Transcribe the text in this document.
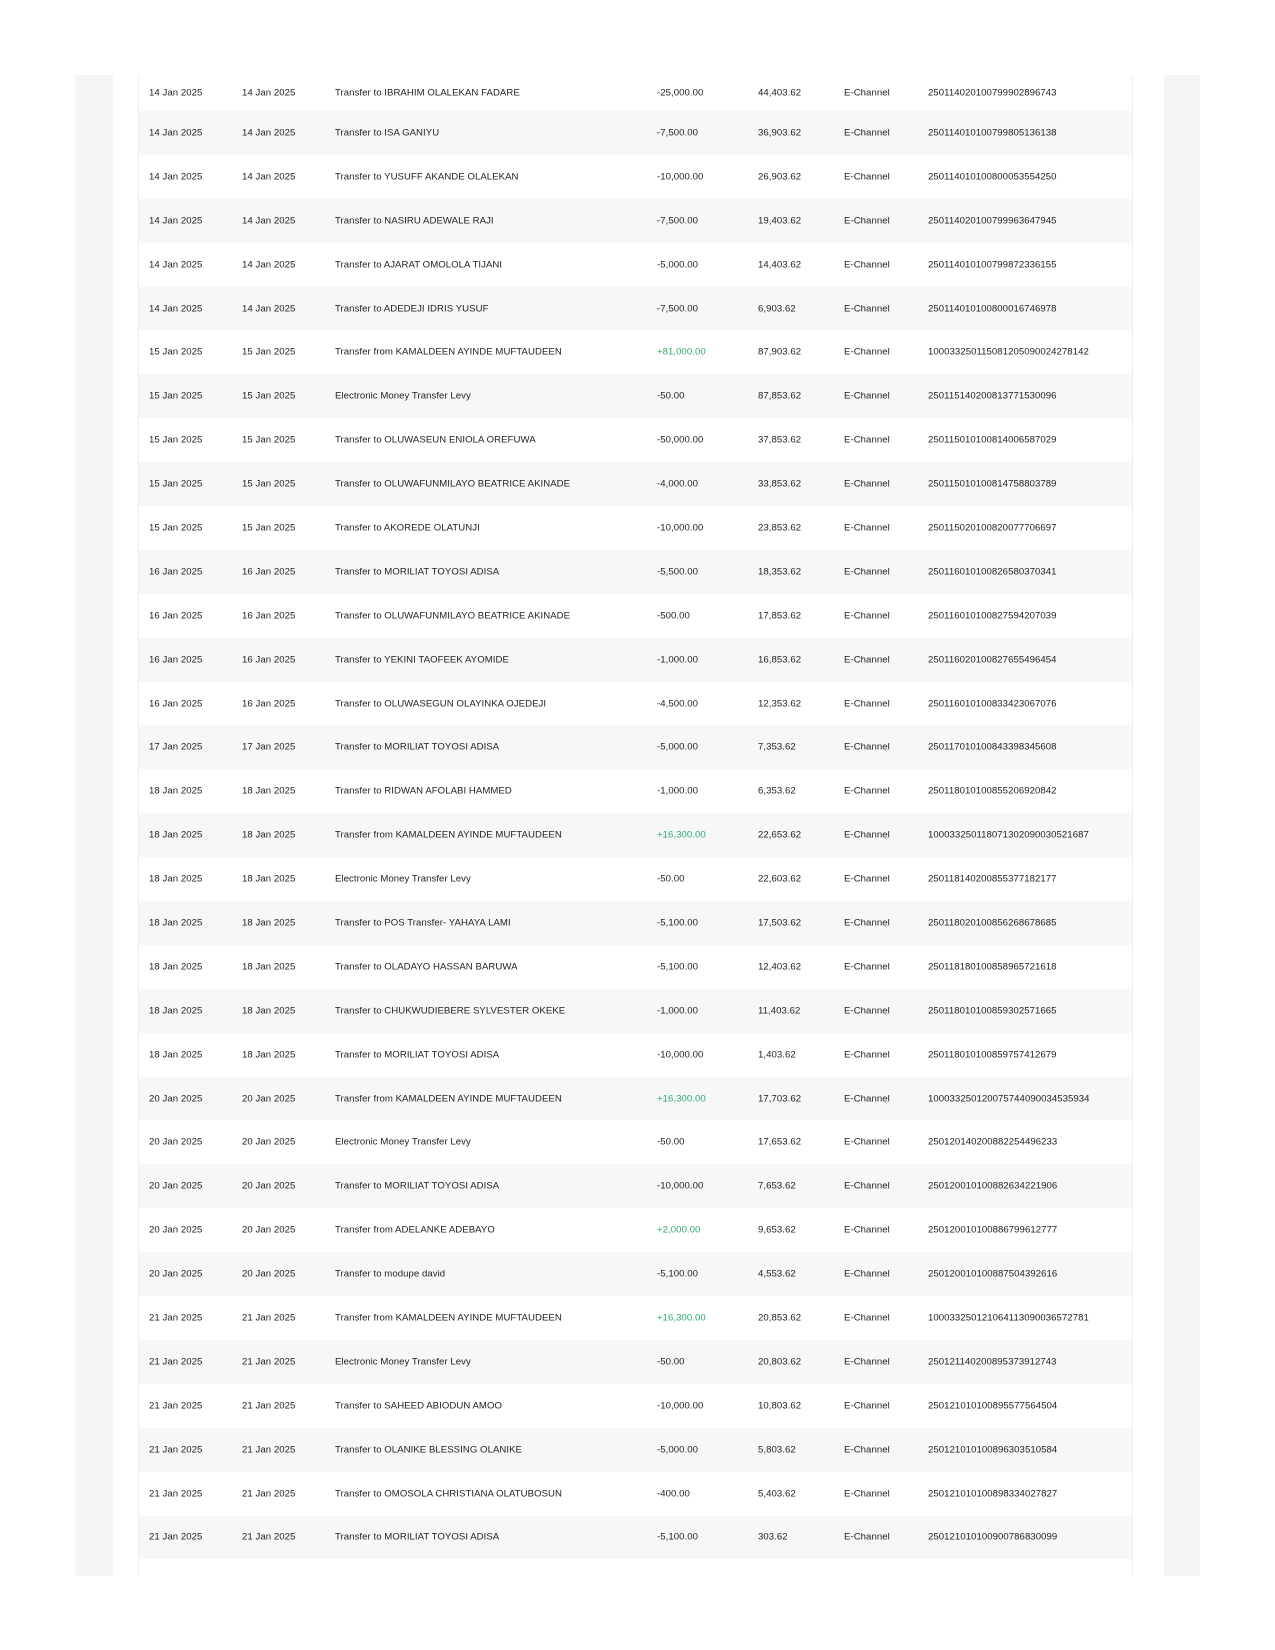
14 Jan 2025	14 Jan 2025	Transfer to IBRAHIM OLALEKAN FADARE	-25,000.00	44,403.62	E-Channel	250114020100799902896743
14 Jan 2025	14 Jan 2025	Transfer to ISA GANIYU	-7,500.00	36,903.62	E-Channel	250114010100799805136138
14 Jan 2025	14 Jan 2025	Transfer to YUSUFF AKANDE OLALEKAN	-10,000.00	26,903.62	E-Channel	250114010100800053554250
14 Jan 2025	14 Jan 2025	Transfer to NASIRU ADEWALE RAJI	-7,500.00	19,403.62	E-Channel	250114020100799963647945
14 Jan 2025	14 Jan 2025	Transfer to AJARAT OMOLOLA TIJANI	-5,000.00	14,403.62	E-Channel	250114010100799872336155
14 Jan 2025	14 Jan 2025	Transfer to ADEDEJI IDRIS YUSUF	-7,500.00	6,903.62	E-Channel	250114010100800016746978
15 Jan 2025	15 Jan 2025	Transfer from KAMALDEEN AYINDE MUFTAUDEEN	+81,000.00	87,903.62	E-Channel	100033250115081205090024278142
15 Jan 2025	15 Jan 2025	Electronic Money Transfer Levy	-50.00	87,853.62	E-Channel	250115140200813771530096
15 Jan 2025	15 Jan 2025	Transfer to OLUWASEUN ENIOLA OREFUWA	-50,000.00	37,853.62	E-Channel	250115010100814006587029
15 Jan 2025	15 Jan 2025	Transfer to OLUWAFUNMILAYO BEATRICE AKINADE	-4,000.00	33,853.62	E-Channel	250115010100814758803789
15 Jan 2025	15 Jan 2025	Transfer to AKOREDE OLATUNJI	-10,000.00	23,853.62	E-Channel	250115020100820077706697
16 Jan 2025	16 Jan 2025	Transfer to MORILIAT TOYOSI ADISA	-5,500.00	18,353.62	E-Channel	250116010100826580370341
16 Jan 2025	16 Jan 2025	Transfer to OLUWAFUNMILAYO BEATRICE AKINADE	-500.00	17,853.62	E-Channel	250116010100827594207039
16 Jan 2025	16 Jan 2025	Transfer to YEKINI TAOFEEK AYOMIDE	-1,000.00	16,853.62	E-Channel	250116020100827655496454
16 Jan 2025	16 Jan 2025	Transfer to OLUWASEGUN OLAYINKA OJEDEJI	-4,500.00	12,353.62	E-Channel	250116010100833423067076
17 Jan 2025	17 Jan 2025	Transfer to MORILIAT TOYOSI ADISA	-5,000.00	7,353.62	E-Channel	250117010100843398345608
18 Jan 2025	18 Jan 2025	Transfer to RIDWAN AFOLABI HAMMED	-1,000.00	6,353.62	E-Channel	250118010100855206920842
18 Jan 2025	18 Jan 2025	Transfer from KAMALDEEN AYINDE MUFTAUDEEN	+16,300.00	22,653.62	E-Channel	100033250118071302090030521687
18 Jan 2025	18 Jan 2025	Electronic Money Transfer Levy	-50.00	22,603.62	E-Channel	250118140200855377182177
18 Jan 2025	18 Jan 2025	Transfer to POS Transfer- YAHAYA LAMI	-5,100.00	17,503.62	E-Channel	250118020100856268678685
18 Jan 2025	18 Jan 2025	Transfer to OLADAYO HASSAN BARUWA	-5,100.00	12,403.62	E-Channel	250118180100858965721618
18 Jan 2025	18 Jan 2025	Transfer to CHUKWUDIEBERE SYLVESTER OKEKE	-1,000.00	11,403.62	E-Channel	250118010100859302571665
18 Jan 2025	18 Jan 2025	Transfer to MORILIAT TOYOSI ADISA	-10,000.00	1,403.62	E-Channel	250118010100859757412679
20 Jan 2025	20 Jan 2025	Transfer from KAMALDEEN AYINDE MUFTAUDEEN	+16,300.00	17,703.62	E-Channel	100033250120075744090034535934
20 Jan 2025	20 Jan 2025	Electronic Money Transfer Levy	-50.00	17,653.62	E-Channel	250120140200882254496233
20 Jan 2025	20 Jan 2025	Transfer to MORILIAT TOYOSI ADISA	-10,000.00	7,653.62	E-Channel	250120010100882634221906
20 Jan 2025	20 Jan 2025	Transfer from ADELANKE ADEBAYO	+2,000.00	9,653.62	E-Channel	250120010100886799612777
20 Jan 2025	20 Jan 2025	Transfer to modupe david	-5,100.00	4,553.62	E-Channel	250120010100887504392616
21 Jan 2025	21 Jan 2025	Transfer from KAMALDEEN AYINDE MUFTAUDEEN	+16,300.00	20,853.62	E-Channel	100033250121064113090036572781
21 Jan 2025	21 Jan 2025	Electronic Money Transfer Levy	-50.00	20,803.62	E-Channel	250121140200895373912743
21 Jan 2025	21 Jan 2025	Transfer to SAHEED ABIODUN AMOO	-10,000.00	10,803.62	E-Channel	250121010100895577564504
21 Jan 2025	21 Jan 2025	Transfer to OLANIKE BLESSING OLANIKE	-5,000.00	5,803.62	E-Channel	250121010100896303510584
21 Jan 2025	21 Jan 2025	Transfer to OMOSOLA CHRISTIANA OLATUBOSUN	-400.00	5,403.62	E-Channel	250121010100898334027827
21 Jan 2025	21 Jan 2025	Transfer to MORILIAT TOYOSI ADISA	-5,100.00	303.62	E-Channel	250121010100900786830099
